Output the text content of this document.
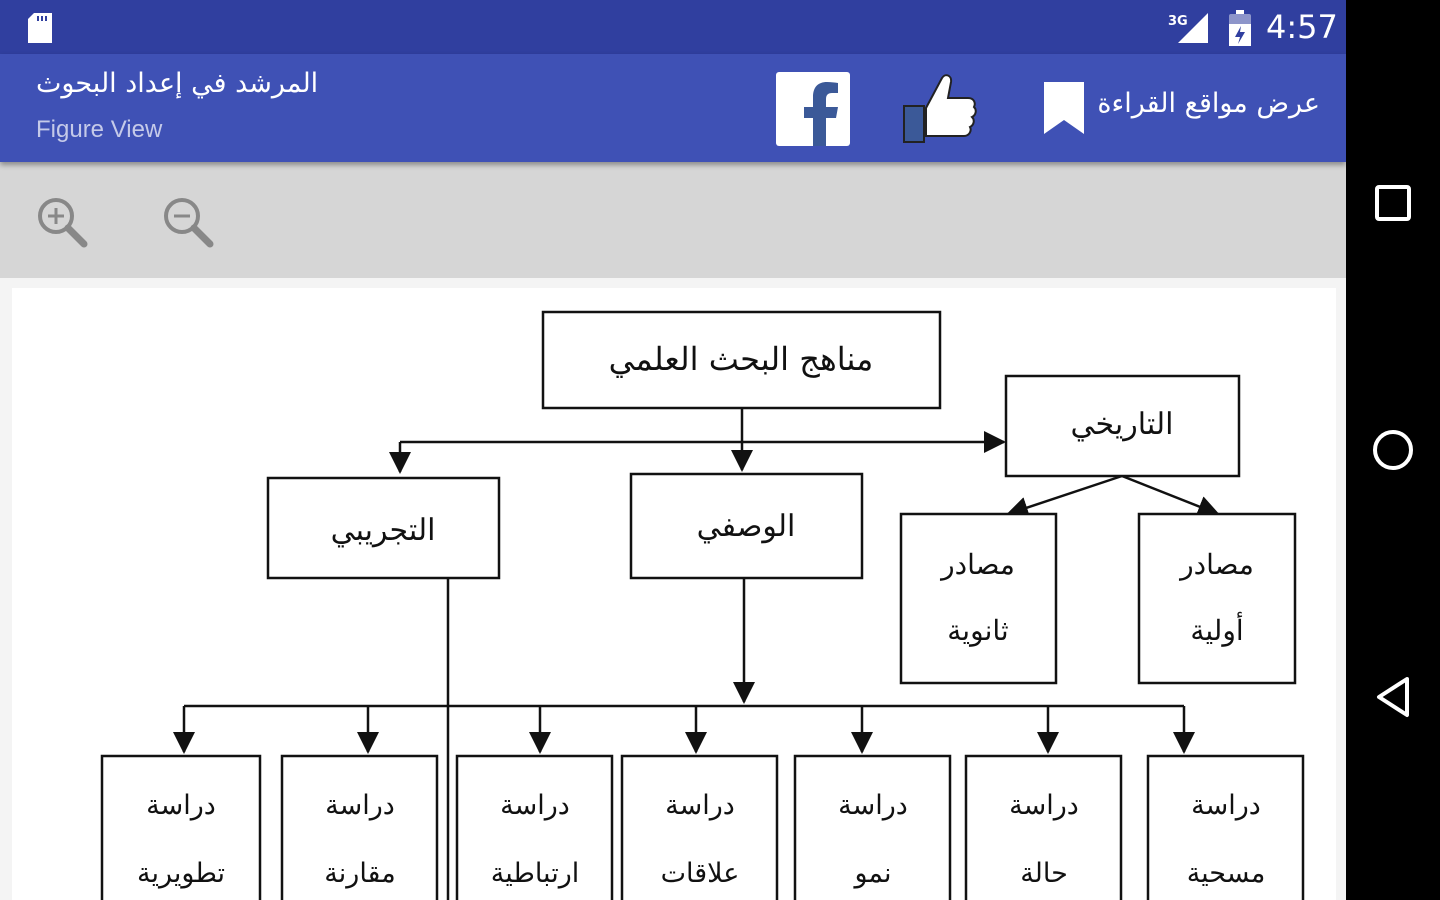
3G 4:57
المرشد في إعداد البحوث
Figure View
عرض مواقع القراءة
مناهج البحث العلمي
التاريخي
الوصفي
التجريبي
مصادر
ثانوية
مصادر
أولية
دراسة
تطويرية
دراسة
مقارنة
دراسة
ارتباطية
دراسة
علاقات
دراسة
نمو
دراسة
حالة
دراسة
مسحية
